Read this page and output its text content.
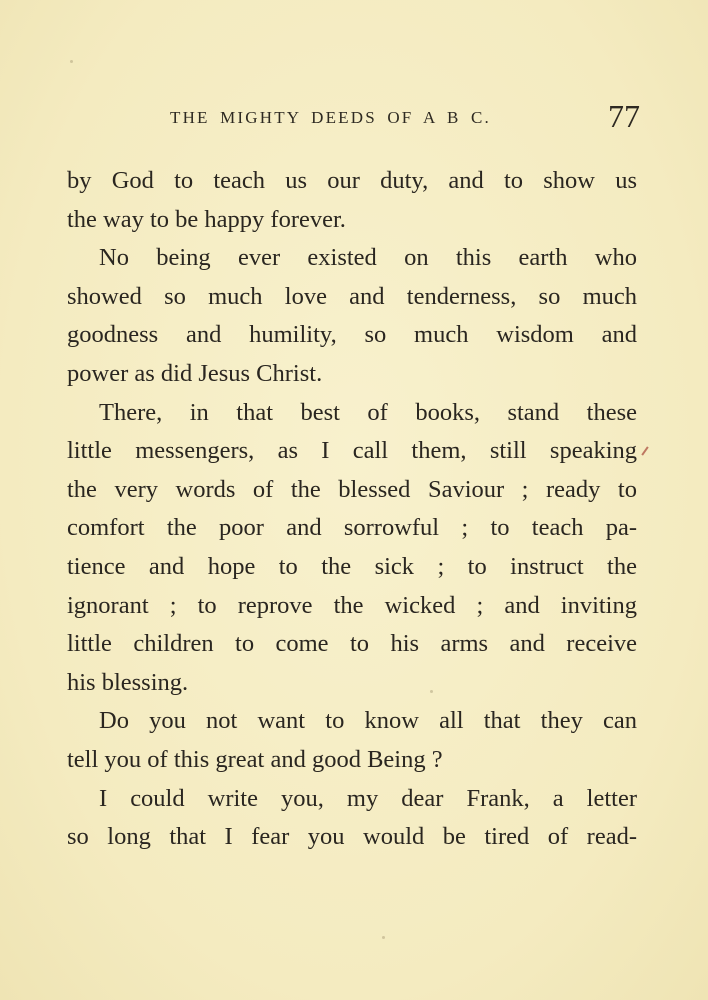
THE MIGHTY DEEDS OF A B C.	77
by God to teach us our duty, and to show us
the way to be happy forever.
No being ever existed on this earth who
showed so much love and tenderness, so much
goodness and humility, so much wisdom and
power as did Jesus Christ.
There, in that best of books, stand these
little messengers, as I call them, still speaking
the very words of the blessed Saviour ; ready to
comfort the poor and sorrowful ; to teach pa-
tience and hope to the sick ; to instruct the
ignorant ; to reprove the wicked ; and inviting
little children to come to his arms and receive
his blessing.
Do you not want to know all that they can
tell you of this great and good Being ?
I could write you, my dear Frank, a letter
so long that I fear you would be tired of read-
